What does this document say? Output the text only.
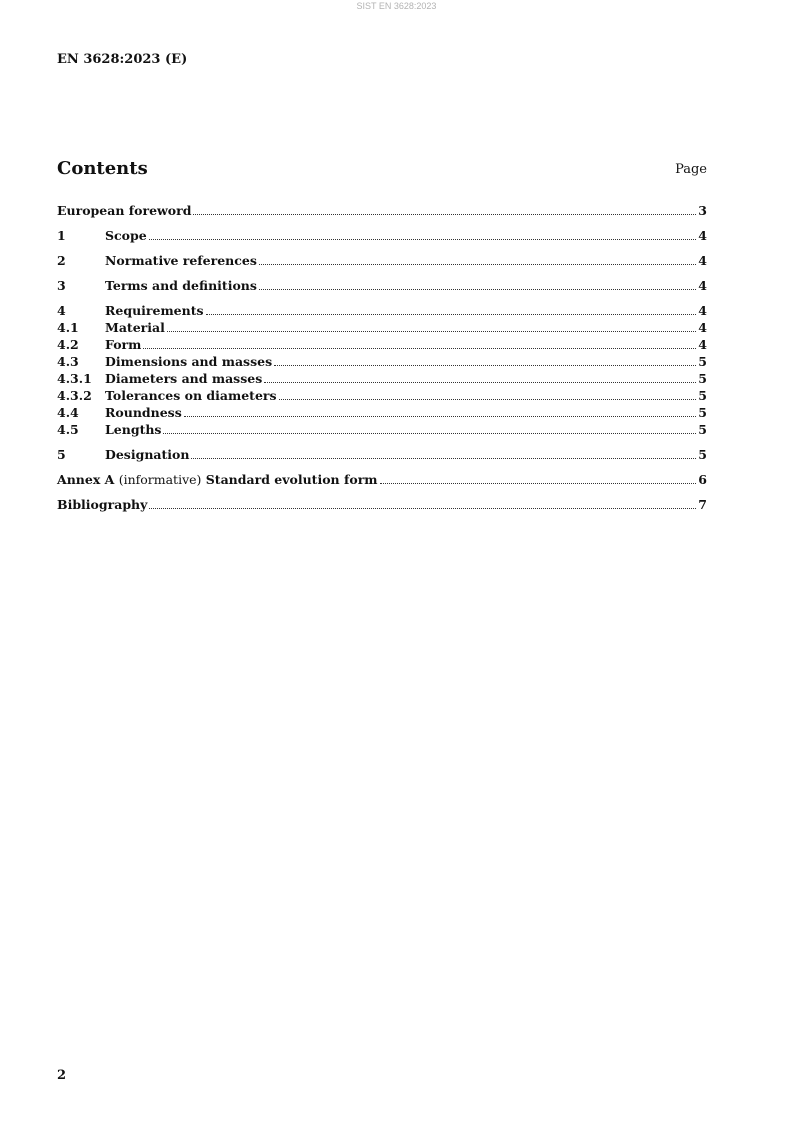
SIST EN 3628:2023
EN 3628:2023 (E)
Contents	Page
European foreword	3
1	Scope	4
2	Normative references	4
3	Terms and definitions	4
4	Requirements	4
4.1	Material	4
4.2	Form	4
4.3	Dimensions and masses	5
4.3.1	Diameters and masses	5
4.3.2	Tolerances on diameters	5
4.4	Roundness	5
4.5	Lengths	5
5	Designation	5
Annex A (informative) Standard evolution form	6
Bibliography	7
2
